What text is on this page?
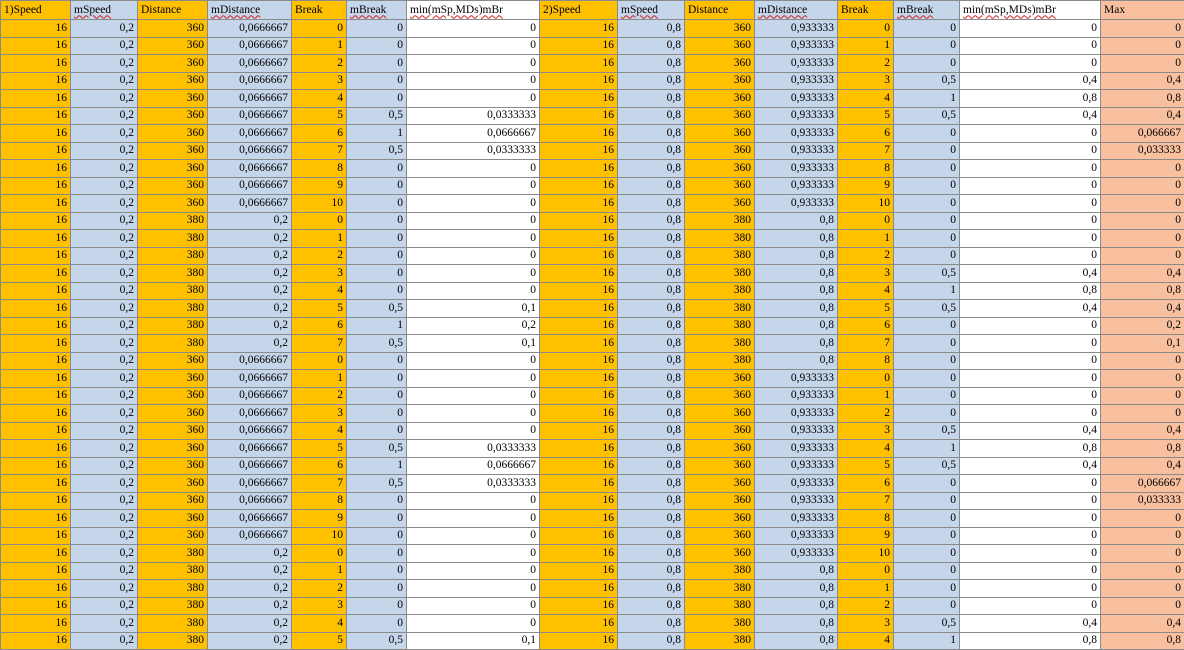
1)Speed	mSpeed	Distance	mDistance	Break	mBreak	min(mSp,MDs)mBr	2)Speed	mSpeed	Distance	mDistance	Break	mBreak	min(mSp,MDs)mBr	Max
16	0,2	360	0,0666667	0	0	0	16	0,8	360	0,933333	0	0	0	0
16	0,2	360	0,0666667	1	0	0	16	0,8	360	0,933333	1	0	0	0
16	0,2	360	0,0666667	2	0	0	16	0,8	360	0,933333	2	0	0	0
16	0,2	360	0,0666667	3	0	0	16	0,8	360	0,933333	3	0,5	0,4	0,4
16	0,2	360	0,0666667	4	0	0	16	0,8	360	0,933333	4	1	0,8	0,8
16	0,2	360	0,0666667	5	0,5	0,0333333	16	0,8	360	0,933333	5	0,5	0,4	0,4
16	0,2	360	0,0666667	6	1	0,0666667	16	0,8	360	0,933333	6	0	0	0,066667
16	0,2	360	0,0666667	7	0,5	0,0333333	16	0,8	360	0,933333	7	0	0	0,033333
16	0,2	360	0,0666667	8	0	0	16	0,8	360	0,933333	8	0	0	0
16	0,2	360	0,0666667	9	0	0	16	0,8	360	0,933333	9	0	0	0
16	0,2	360	0,0666667	10	0	0	16	0,8	360	0,933333	10	0	0	0
16	0,2	380	0,2	0	0	0	16	0,8	380	0,8	0	0	0	0
16	0,2	380	0,2	1	0	0	16	0,8	380	0,8	1	0	0	0
16	0,2	380	0,2	2	0	0	16	0,8	380	0,8	2	0	0	0
16	0,2	380	0,2	3	0	0	16	0,8	380	0,8	3	0,5	0,4	0,4
16	0,2	380	0,2	4	0	0	16	0,8	380	0,8	4	1	0,8	0,8
16	0,2	380	0,2	5	0,5	0,1	16	0,8	380	0,8	5	0,5	0,4	0,4
16	0,2	380	0,2	6	1	0,2	16	0,8	380	0,8	6	0	0	0,2
16	0,2	380	0,2	7	0,5	0,1	16	0,8	380	0,8	7	0	0	0,1
16	0,2	360	0,0666667	0	0	0	16	0,8	380	0,8	8	0	0	0
16	0,2	360	0,0666667	1	0	0	16	0,8	360	0,933333	0	0	0	0
16	0,2	360	0,0666667	2	0	0	16	0,8	360	0,933333	1	0	0	0
16	0,2	360	0,0666667	3	0	0	16	0,8	360	0,933333	2	0	0	0
16	0,2	360	0,0666667	4	0	0	16	0,8	360	0,933333	3	0,5	0,4	0,4
16	0,2	360	0,0666667	5	0,5	0,0333333	16	0,8	360	0,933333	4	1	0,8	0,8
16	0,2	360	0,0666667	6	1	0,0666667	16	0,8	360	0,933333	5	0,5	0,4	0,4
16	0,2	360	0,0666667	7	0,5	0,0333333	16	0,8	360	0,933333	6	0	0	0,066667
16	0,2	360	0,0666667	8	0	0	16	0,8	360	0,933333	7	0	0	0,033333
16	0,2	360	0,0666667	9	0	0	16	0,8	360	0,933333	8	0	0	0
16	0,2	360	0,0666667	10	0	0	16	0,8	360	0,933333	9	0	0	0
16	0,2	380	0,2	0	0	0	16	0,8	360	0,933333	10	0	0	0
16	0,2	380	0,2	1	0	0	16	0,8	380	0,8	0	0	0	0
16	0,2	380	0,2	2	0	0	16	0,8	380	0,8	1	0	0	0
16	0,2	380	0,2	3	0	0	16	0,8	380	0,8	2	0	0	0
16	0,2	380	0,2	4	0	0	16	0,8	380	0,8	3	0,5	0,4	0,4
16	0,2	380	0,2	5	0,5	0,1	16	0,8	380	0,8	4	1	0,8	0,8
